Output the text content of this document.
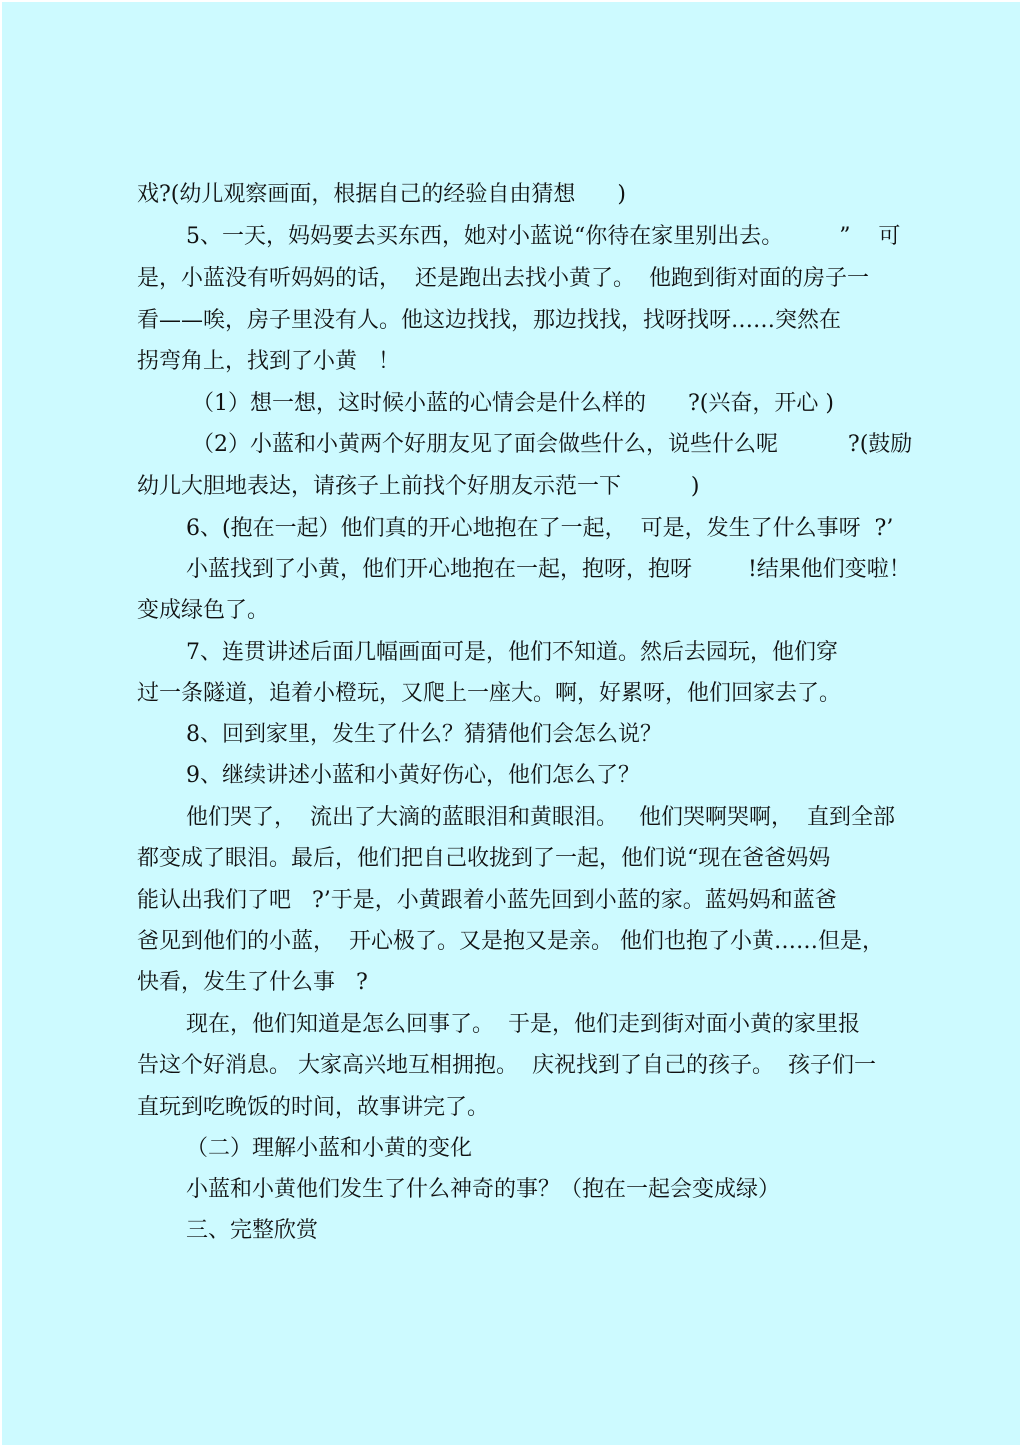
戏?(幼儿观察画面，根据自己的经验自由猜想      )
5、一天，妈妈要去买东西，她对小蓝说“你待在家里别出去。        ”    可
是，小蓝没有听妈妈的话，  还是跑出去找小黄了。  他跑到街对面的房子一
看——唉，房子里没有人。他这边找找，那边找找，找呀找呀……突然在
拐弯角上，找到了小黄   ！
（1）想一想，这时候小蓝的心情会是什么样的      ?(兴奋，开心 )
（2）小蓝和小黄两个好朋友见了面会做些什么，说些什么呢          ?(鼓励
幼儿大胆地表达，请孩子上前找个好朋友示范一下          )
6、(抱在一起）他们真的开心地抱在了一起，  可是，发生了什么事呀  ?’
小蓝找到了小黄，他们开心地抱在一起，抱呀，抱呀        !结果他们变啦！
变成绿色了。
7、连贯讲述后面几幅画面可是，他们不知道。然后去园玩，他们穿
过一条隧道，追着小橙玩，又爬上一座大。啊，好累呀，他们回家去了。
8、回到家里，发生了什么？猜猜他们会怎么说？
9、继续讲述小蓝和小黄好伤心，他们怎么了？
他们哭了，  流出了大滴的蓝眼泪和黄眼泪。   他们哭啊哭啊，  直到全部
都变成了眼泪。最后，他们把自己收拢到了一起，他们说“现在爸爸妈妈
能认出我们了吧   ?’于是，小黄跟着小蓝先回到小蓝的家。蓝妈妈和蓝爸
爸见到他们的小蓝，  开心极了。又是抱又是亲。 他们也抱了小黄……但是，
快看，发生了什么事   ?
现在，他们知道是怎么回事了。  于是，他们走到街对面小黄的家里报
告这个好消息。 大家高兴地互相拥抱。  庆祝找到了自己的孩子。  孩子们一
直玩到吃晚饭的时间，故事讲完了。
（二）理解小蓝和小黄的变化
小蓝和小黄他们发生了什么神奇的事？（抱在一起会变成绿）
三、完整欣赏
